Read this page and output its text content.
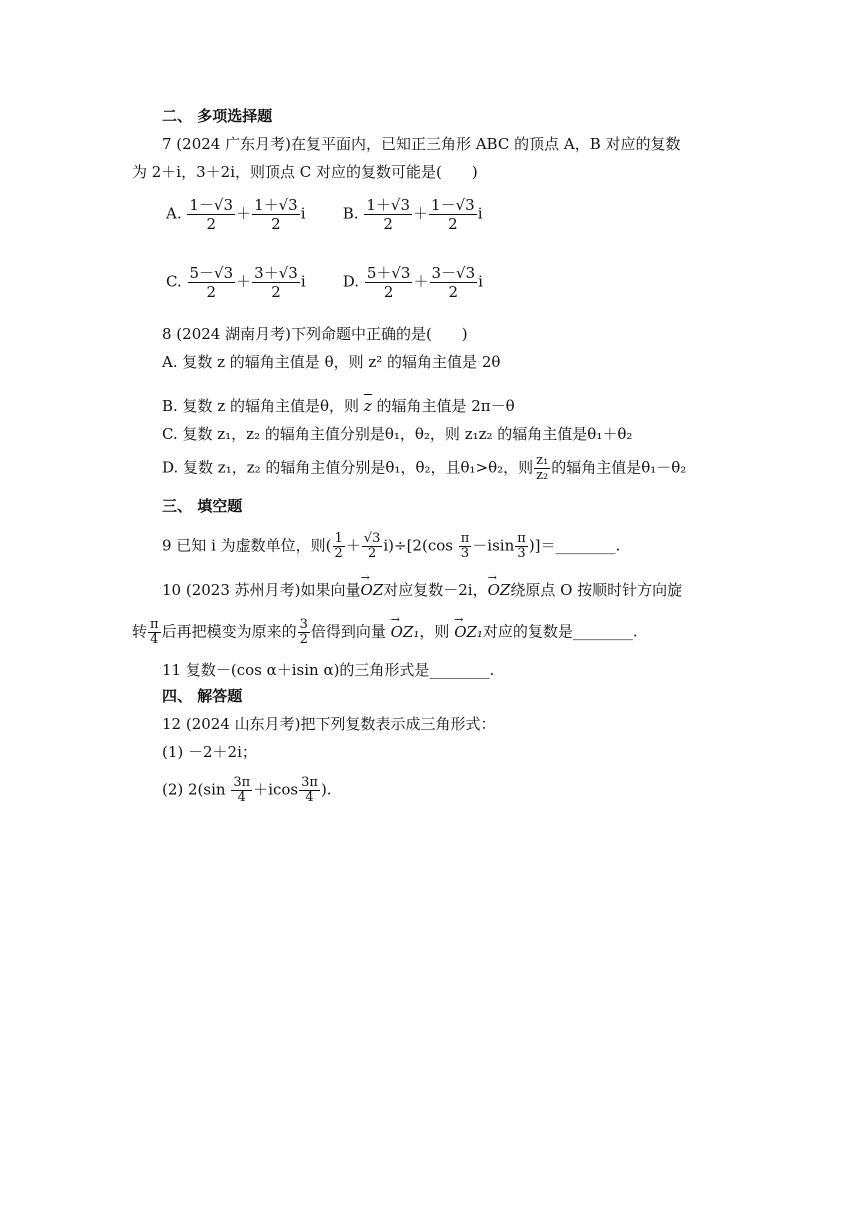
二、 多项选择题
7 (2024 广东月考)在复平面内，已知正三角形 ABC 的顶点 A，B 对应的复数
为 2＋i，3＋2i，则顶点 C 对应的复数可能是(　　)
A. $\frac{1-√3}{2} + \frac{1+√3}{2}$ i B. $\frac{1+√3}{2} + \frac{1-√3}{2}$ i
C. $\frac{5-√3}{2} + \frac{3+√3}{2}$ i D. $\frac{5+√3}{2} + \frac{3-√3}{2}$ i
8 (2024 湖南月考)下列命题中正确的是(　　)
A. 复数 z 的辐角主值是 θ，则 z² 的辐角主值是 2θ
B. 复数 z 的辐角主值是θ，则 z 的辐角主值是 2π－θ
C. 复数 z₁，z₂ 的辐角主值分别是θ₁，θ₂，则 z₁z₂ 的辐角主值是θ₁＋θ₂
D. 复数 z₁，z₂ 的辐角主值分别是θ₁，θ₂，且θ₁>θ₂，则 $\frac{\text{z₁}}{\text{z₂}}$ 的辐角主值是θ₁－θ₂
三、 填空题
9 已知 i 为虚数单位，则( $\frac{1}{2} + \frac{√3}{2} i)\div[2(\cos \frac{\pi}{3} -isin \frac{\pi}{3}$ )]＝________.
10 (2023 苏州月考)如果向量→ OZ对应复数－2i，→ OZ绕原点 O 按顺时针方向旋
转 $\frac{\pi}{4}$ 后再把模变为原来的 $\frac{3}{2}$ 倍得到向量 → OZ₁，则 → OZ₁对应的复数是________.
11 复数－(cos α＋isin α)的三角形式是________.
四、 解答题
12 (2024 山东月考)把下列复数表示成三角形式：
(1) －2＋2i；
(2) $2(\sin \frac{3\pi}{4} +icos \frac{3\pi}{4}$ ).
